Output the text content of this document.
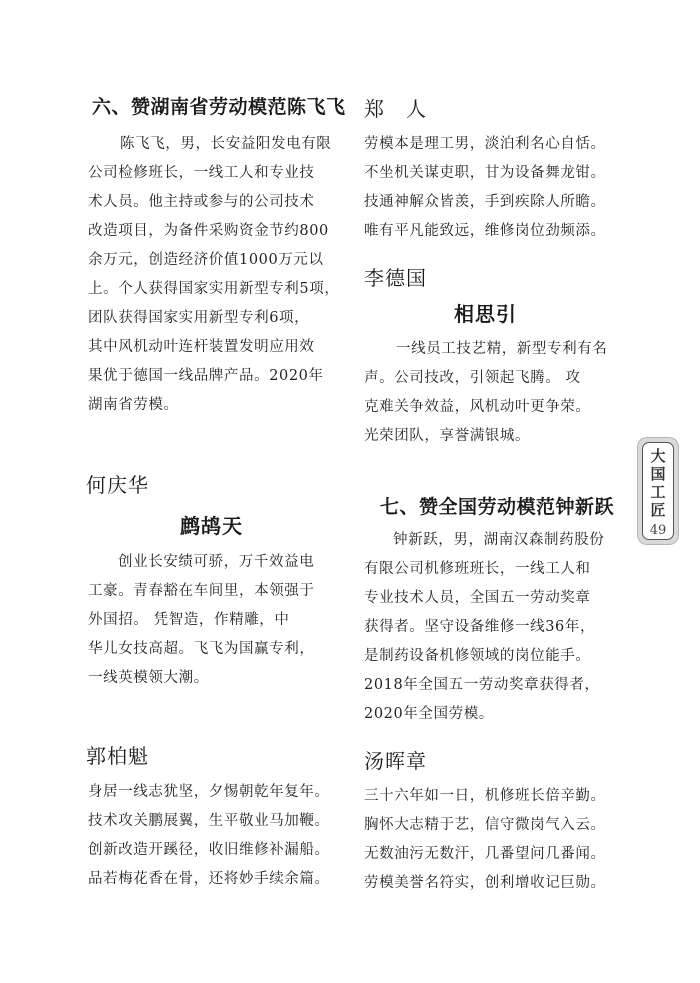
六、赞湖南省劳动模范陈飞飞

陈飞飞，男，长安益阳发电有限

公司检修班长，一线工人和专业技

术人员。他主持或参与的公司技术

改造项目，为备件采购资金节约800

余万元，创造经济价值1000万元以

上。个人获得国家实用新型专利5项，

团队获得国家实用新型专利6项，

其中风机动叶连杆装置发明应用效

果优于德国一线品牌产品。2020年

湖南省劳模。

何庆华
鹧鸪天

创业长安绩可骄，万千效益电

工豪。青春豁在车间里，本领强于

外国招。 凭智造，作精雕，中

华儿女技高超。飞飞为国赢专利，

一线英模领大潮。

郭柏魁

身居一线志犹坚，夕惕朝乾年复年。

技术攻关鹏展翼，生平敬业马加鞭。

创新改造开蹊径，收旧维修补漏船。

品若梅花香在骨，还将妙手续余篇。

郑　人

劳模本是理工男，淡泊利名心自恬。

不坐机关谋吏职，甘为设备舞龙钳。

技通神解众皆羡，手到疾除人所瞻。

唯有平凡能致远，维修岗位劲频添。

李德国
相思引

一线员工技艺精，新型专利有名

声。公司技改，引领起飞腾。 攻

克难关争效益，风机动叶更争荣。

光荣团队，享誉满银城。

七、赞全国劳动模范钟新跃

钟新跃，男，湖南汉森制药股份

有限公司机修班班长，一线工人和

专业技术人员，全国五一劳动奖章

获得者。坚守设备维修一线36年，

是制药设备机修领域的岗位能手。

2018年全国五一劳动奖章获得者，

2020年全国劳模。

汤晖章

三十六年如一日，机修班长倍辛勤。

胸怀大志精于艺，信守微岗气入云。

无数油污无数汗，几番望问几番闻。

劳模美誉名符实，创利增收记巨勋。

大
国
工
匠
49
